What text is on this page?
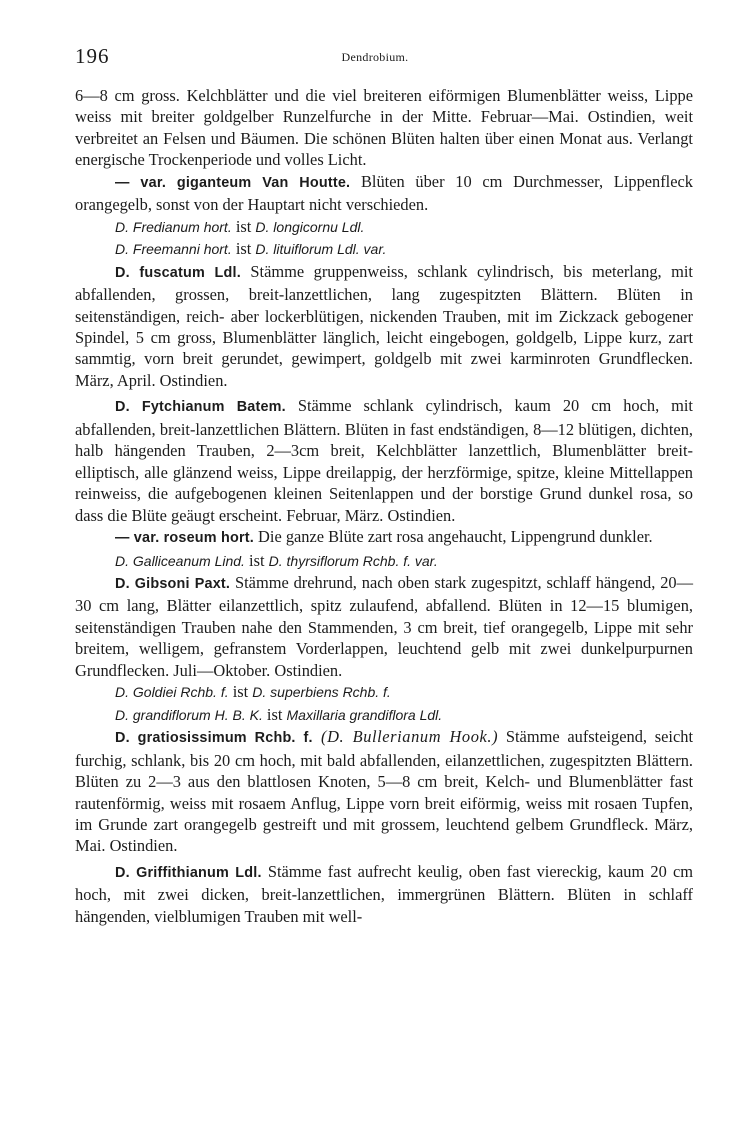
196	Dendrobium.

6—8 cm gross. Kelchblätter und die viel breiteren eiförmigen Blumenblätter weiss, Lippe weiss mit breiter goldgelber Runzelfurche in der Mitte. Februar—Mai. Ostindien, weit verbreitet an Felsen und Bäumen. Die schönen Blüten halten über einen Monat aus. Verlangt energische Trockenperiode und volles Licht.

— var. giganteum Van Houtte. Blüten über 10 cm Durchmesser, Lippenfleck orangegelb, sonst von der Hauptart nicht verschieden.

D. Fredianum hort. ist D. longicornu Ldl.

D. Freemanni hort. ist D. lituiflorum Ldl. var.

D. fuscatum Ldl. Stämme gruppenweiss, schlank cylindrisch, bis meterlang, mit abfallenden, grossen, breit-lanzettlichen, lang zugespitzten Blättern. Blüten in seitenständigen, reich- aber lockerblütigen, nickenden Trauben, mit im Zickzack gebogener Spindel, 5 cm gross, Blumenblätter länglich, leicht eingebogen, goldgelb, Lippe kurz, zart sammtig, vorn breit gerundet, gewimpert, goldgelb mit zwei karminroten Grundflecken. März, April. Ostindien.

D. Fytchianum Batem. Stämme schlank cylindrisch, kaum 20 cm hoch, mit abfallenden, breit-lanzettlichen Blättern. Blüten in fast endständigen, 8—12 blütigen, dichten, halb hängenden Trauben, 2—3cm breit, Kelchblätter lanzettlich, Blumenblätter breit-elliptisch, alle glänzend weiss, Lippe dreilappig, der herzförmige, spitze, kleine Mittellappen reinweiss, die aufgebogenen kleinen Seitenlappen und der borstige Grund dunkel rosa, so dass die Blüte geäugt erscheint. Februar, März. Ostindien.

— var. roseum hort. Die ganze Blüte zart rosa angehaucht, Lippengrund dunkler.

D. Galliceanum Lind. ist D. thyrsiflorum Rchb. f. var.

D. Gibsoni Paxt. Stämme drehrund, nach oben stark zugespitzt, schlaff hängend, 20—30 cm lang, Blätter eilanzettlich, spitz zulaufend, abfallend. Blüten in 12—15 blumigen, seitenständigen Trauben nahe den Stammenden, 3 cm breit, tief orangegelb, Lippe mit sehr breitem, welligem, gefranstem Vorderlappen, leuchtend gelb mit zwei dunkelpurpurnen Grundflecken. Juli—Oktober. Ostindien.

D. Goldiei Rchb. f. ist D. superbiens Rchb. f.

D. grandiflorum H. B. K. ist Maxillaria grandiflora Ldl.

D. gratiosissimum Rchb. f. (D. Bullerianum Hook.) Stämme aufsteigend, seicht furchig, schlank, bis 20 cm hoch, mit bald abfallenden, eilanzettlichen, zugespitzten Blättern. Blüten zu 2—3 aus den blattlosen Knoten, 5—8 cm breit, Kelch- und Blumenblätter fast rautenförmig, weiss mit rosaem Anflug, Lippe vorn breit eiförmig, weiss mit rosaen Tupfen, im Grunde zart orangegelb gestreift und mit grossem, leuchtend gelbem Grundfleck. März, Mai. Ostindien.

D. Griffithianum Ldl. Stämme fast aufrecht keulig, oben fast viereckig, kaum 20 cm hoch, mit zwei dicken, breit-lanzettlichen, immergrünen Blättern. Blüten in schlaff hängenden, vielblumigen Trauben mit well-
